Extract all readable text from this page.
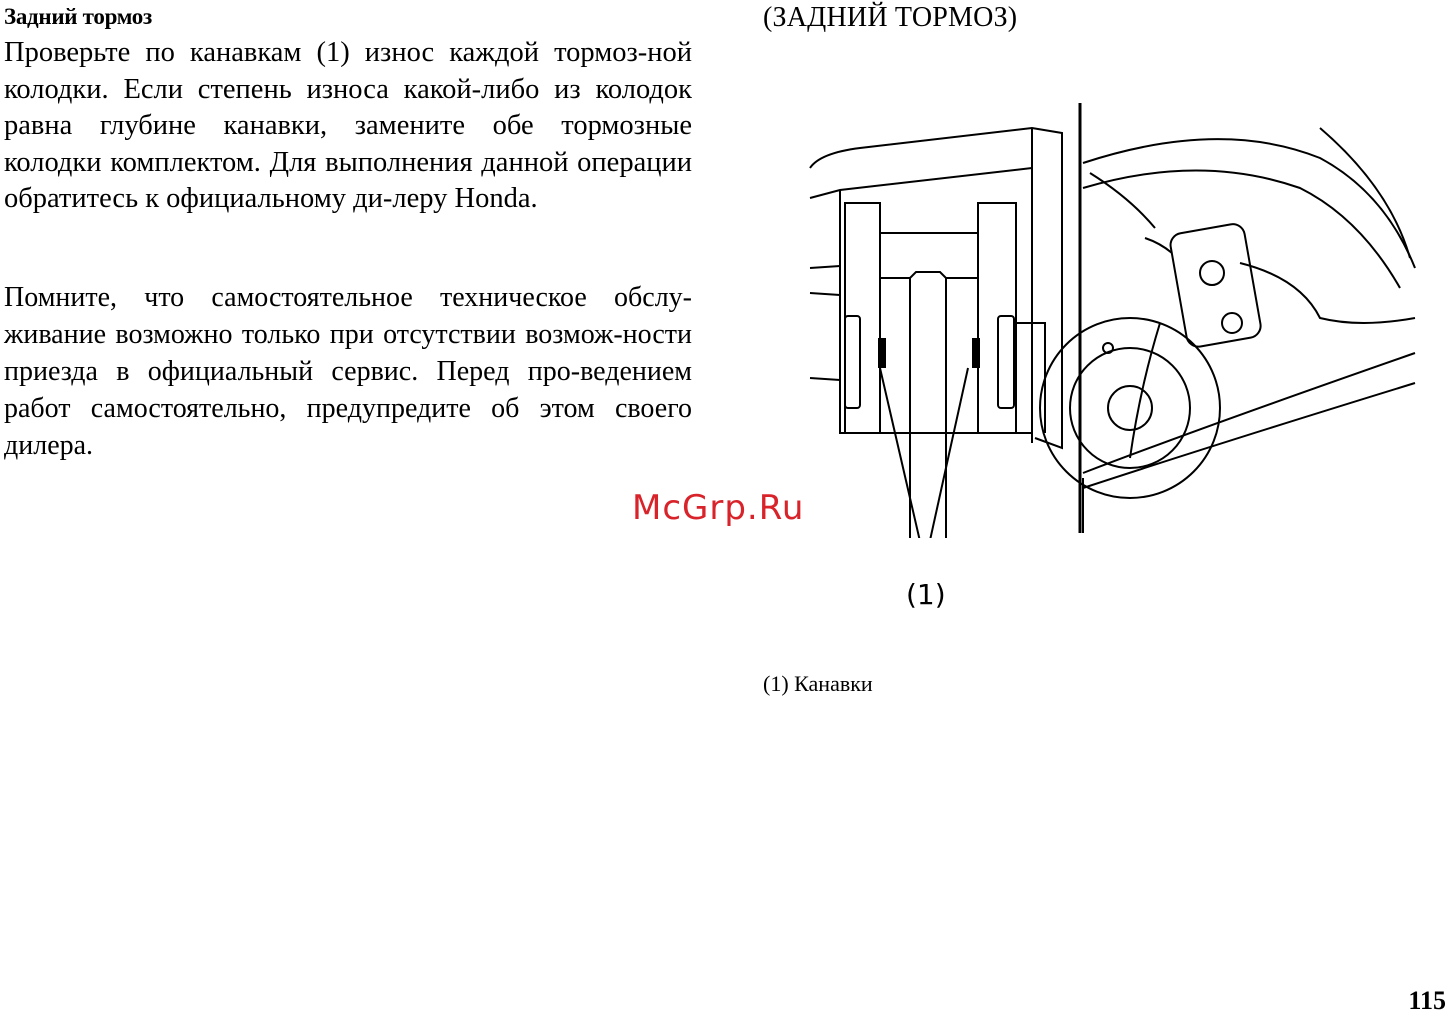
Задний тормоз

Проверьте по канавкам (1) износ каждой тормоз-ной колодки. Если степень износа какой-либо из колодок равна глубине канавки, замените обе тормозные колодки комплектом. Для выполнения данной операции обратитесь к официальному ди-леру Honda.

Помните, что самостоятельное техническое обслу-живание возможно только при отсутствии возмож-ности приезда в официальный сервис. Перед про-ведением работ самостоятельно, предупредите об этом своего дилера.

(ЗАДНИЙ ТОРМОЗ)
(1)
(1) Канавки
McGrp.Ru
115
